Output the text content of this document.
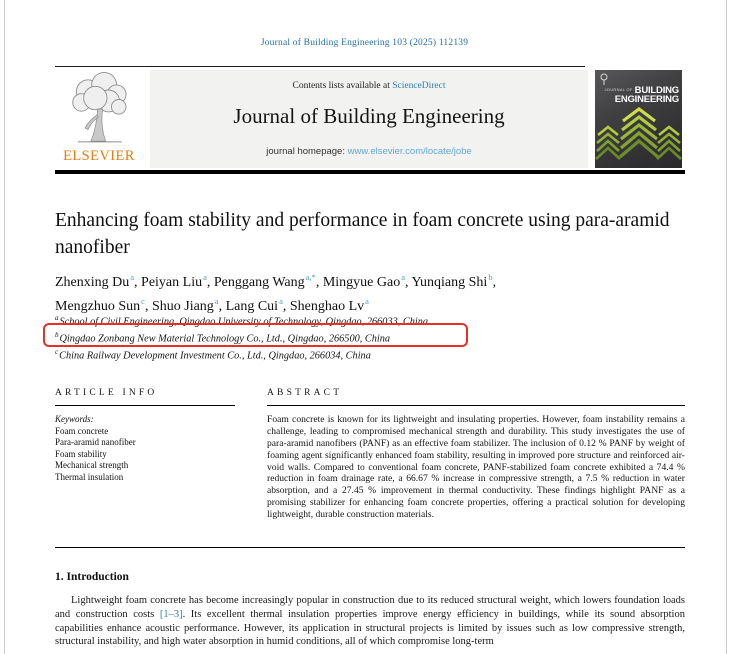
Journal of Building Engineering 103 (2025) 112139
ELSEVIER
Contents lists available at ScienceDirect
Journal of Building Engineering
journal homepage: www.elsevier.com/locate/jobe
JOURNAL OF BUILDING
ENGINEERING
Enhancing foam stability and performance in foam concrete using para-aramid nanofiber
Zhenxing Du$^a$ , Peiyan Liu$^a$ , Penggang Wang$^{a,*}$ , Mingyue Gao$^a$ , Yunqiang Shi$^b$ ,
Mengzhuo Sun$^c$ , Shuo Jiang$^a$ , Lang Cui$^a$ , Shenghao Lv$^a$
$^a$School of Civil Engineering, Qingdao University of Technology, Qingdao, 266033, China
$^b$Qingdao Zonbang New Material Technology Co., Ltd., Qingdao, 266500, China
$^c$China Railway Development Investment Co., Ltd., Qingdao, 266034, China
ARTICLE INFO
Keywords:
Foam concrete
Para-aramid nanofiber
Foam stability
Mechanical strength
Thermal insulation
ABSTRACT

Foam concrete is known for its lightweight and insulating properties. However, foam instability remains a challenge, leading to compromised mechanical strength and durability. This study investigates the use of para-aramid nanofibers (PANF) as an effective foam stabilizer. The inclusion of 0.12 % PANF by weight of foaming agent significantly enhanced foam stability, resulting in improved pore structure and reinforced air-void walls. Compared to conventional foam concrete, PANF-stabilized foam concrete exhibited a 74.4 % reduction in foam drainage rate, a 66.67 % increase in compressive strength, a 7.5 % reduction in water absorption, and a 27.45 % improvement in thermal conductivity. These findings highlight PANF as a promising stabilizer for enhancing foam concrete properties, offering a practical solution for developing lightweight, durable construction materials.

1. Introduction

Lightweight foam concrete has become increasingly popular in construction due to its reduced structural weight, which lowers foundation loads and construction costs [1–3]. Its excellent thermal insulation properties improve energy efficiency in buildings, while its sound absorption capabilities enhance acoustic performance. However, its application in structural projects is limited by issues such as low compressive strength, structural instability, and high water absorption in humid conditions, all of which compromise long-term
